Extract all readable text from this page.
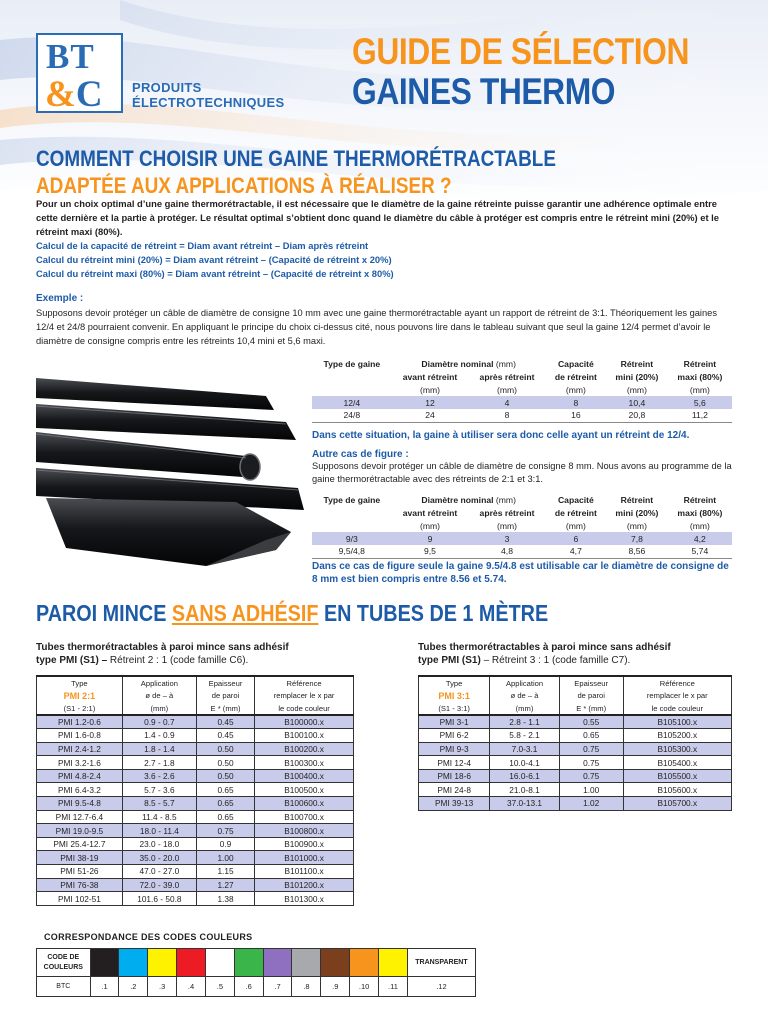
BT
&C PRODUITS
ÉLECTROTECHNIQUES
GUIDE DE SÉLECTION
GAINES THERMO
COMMENT CHOISIR UNE GAINE THERMORÉTRACTABLE
ADAPTÉE AUX APPLICATIONS À RÉALISER ?
Pour un choix optimal d’une gaine thermorétractable, il est nécessaire que le diamètre de la gaine rétreinte puisse garantir une adhérence optimale entre cette dernière et la partie à protéger. Le résultat optimal s’obtient donc quand le diamètre du câble à protéger est compris entre le rétreint mini (20%) et le rétreint maxi (80%).
Calcul de la capacité de rétreint = Diam avant rétreint – Diam après rétreint
Calcul du rétreint mini (20%) = Diam avant rétreint – (Capacité de rétreint x 20%)
Calcul du rétreint maxi (80%) = Diam avant rétreint – (Capacité de rétreint x 80%)
Exemple :
Supposons devoir protéger un câble de diamètre de consigne 10 mm avec une gaine thermorétractable ayant un rapport de rétreint de 3:1. Théoriquement les gaines 12/4 et 24/8 pourraient convenir. En appliquant le principe du choix ci-dessus cité, nous pouvons lire dans le tableau suivant que seul la gaine 12/4 permet d’avoir le diamètre de consigne compris entre les rétreints 10,4 mini et 5,6 maxi.
Type de gaine	Diamètre nominal (mm)		Capacité	Rétreint	Rétreint
	avant rétreint	après rétreint	de rétreint	mini (20%)	maxi (80%)
	(mm)	(mm)	(mm)	(mm)	(mm)
12/4	12	4	8	10,4	5,6
24/8	24	8	16	20,8	11,2
Dans cette situation, la gaine à utiliser sera donc celle ayant un rétreint de 12/4.
Autre cas de figure :
Supposons devoir protéger un câble de diamètre de consigne 8 mm. Nous avons au programme de la gaine thermorétractable avec des rétreints de 2:1 et 3:1.
Type de gaine	Diamètre nominal (mm)		Capacité	Rétreint	Rétreint
	avant rétreint	après rétreint	de rétreint	mini (20%)	maxi (80%)
	(mm)	(mm)	(mm)	(mm)	(mm)
9/3	9	3	6	7,8	4,2
9,5/4,8	9,5	4,8	4,7	8,56	5,74
Dans ce cas de figure seule la gaine 9.5/4.8 est utilisable car le diamètre de consigne de 8 mm est bien compris entre 8.56 et 5.74.
PAROI MINCE SANS ADHÉSIF EN TUBES DE 1 MÈTRE
Tubes thermorétractables à paroi mince sans adhésif
type PMI (S1) – Rétreint 2 : 1 (code famille C6).
Tubes thermorétractables à paroi mince sans adhésif
type PMI (S1) – Rétreint 3 : 1 (code famille C7).
Type	Application	Epaisseur	Référence
PMI 2:1	ø de – à	de paroi	remplacer le x par
(S1 - 2:1)	(mm)	E * (mm)	le code couleur
PMI 1.2-0.6	0.9 - 0.7	0.45	B100000.x
PMI 1.6-0.8	1.4 - 0.9	0.45	B100100.x
PMI 2.4-1.2	1.8 - 1.4	0.50	B100200.x
PMI 3.2-1.6	2.7 - 1.8	0.50	B100300.x
PMI 4.8-2.4	3.6 - 2.6	0.50	B100400.x
PMI 6.4-3.2	5.7 - 3.6	0.65	B100500.x
PMI 9.5-4.8	8.5 - 5.7	0.65	B100600.x
PMI 12.7-6.4	11.4 - 8.5	0.65	B100700.x
PMI 19.0-9.5	18.0 - 11.4	0.75	B100800.x
PMI 25.4-12.7	23.0 - 18.0	0.9	B100900.x
PMI 38-19	35.0 - 20.0	1.00	B101000.x
PMI 51-26	47.0 - 27.0	1.15	B101100.x
PMI 76-38	72.0 - 39.0	1.27	B101200.x
PMI 102-51	101.6 - 50.8	1.38	B101300.x
Type	Application	Epaisseur	Référence
PMI 3:1	ø de – à	de paroi	remplacer le x par
(S1 - 3:1)	(mm)	E * (mm)	le code couleur
PMI 3-1	2.8 - 1.1	0.55	B105100.x
PMI 6-2	5.8 - 2.1	0.65	B105200.x
PMI 9-3	7.0-3.1	0.75	B105300.x
PMI 12-4	10.0-4.1	0.75	B105400.x
PMI 18-6	16.0-6.1	0.75	B105500.x
PMI 24-8	21.0-8.1	1.00	B105600.x
PMI 39-13	37.0-13.1	1.02	B105700.x
CORRESPONDANCE DES CODES COULEURS
CODE DE
COULEURS												TRANSPARENT
BTC	.1	.2	.3	.4	.5	.6	.7	.8	.9	.10	.11	.12
